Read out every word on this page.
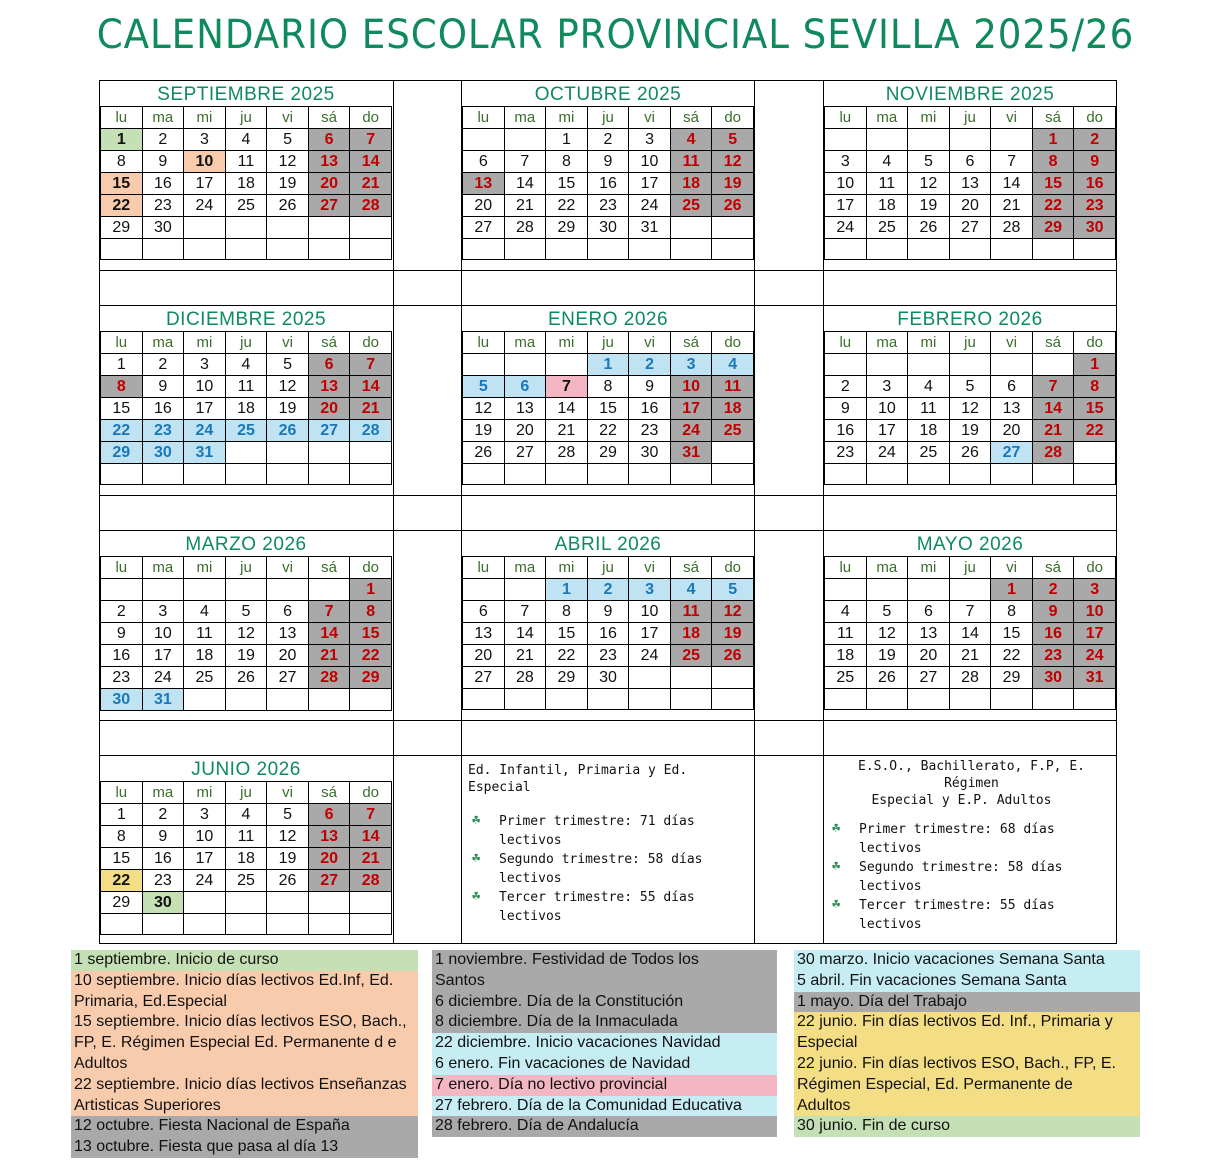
CALENDARIO ESCOLAR PROVINCIAL SEVILLA 2025/26
SEPTIEMBRE 2025
lu	ma	mi	ju	vi	sá	do
1	2	3	4	5	6	7
8	9	10	11	12	13	14
15	16	17	18	19	20	21
22	23	24	25	26	27	28
29	30					

OCTUBRE 2025
lu	ma	mi	ju	vi	sá	do
		1	2	3	4	5
6	7	8	9	10	11	12
13	14	15	16	17	18	19
20	21	22	23	24	25	26
27	28	29	30	31		

NOVIEMBRE 2025
lu	ma	mi	ju	vi	sá	do
					1	2
3	4	5	6	7	8	9
10	11	12	13	14	15	16
17	18	19	20	21	22	23
24	25	26	27	28	29	30

DICIEMBRE 2025
lu	ma	mi	ju	vi	sá	do
1	2	3	4	5	6	7
8	9	10	11	12	13	14
15	16	17	18	19	20	21
22	23	24	25	26	27	28
29	30	31				

ENERO 2026
lu	ma	mi	ju	vi	sá	do
			1	2	3	4
5	6	7	8	9	10	11
12	13	14	15	16	17	18
19	20	21	22	23	24	25
26	27	28	29	30	31	

FEBRERO 2026
lu	ma	mi	ju	vi	sá	do
						1
2	3	4	5	6	7	8
9	10	11	12	13	14	15
16	17	18	19	20	21	22
23	24	25	26	27	28	

MARZO 2026
lu	ma	mi	ju	vi	sá	do
						1
2	3	4	5	6	7	8
9	10	11	12	13	14	15
16	17	18	19	20	21	22
23	24	25	26	27	28	29
30	31					
ABRIL 2026
lu	ma	mi	ju	vi	sá	do
		1	2	3	4	5
6	7	8	9	10	11	12
13	14	15	16	17	18	19
20	21	22	23	24	25	26
27	28	29	30			

MAYO 2026
lu	ma	mi	ju	vi	sá	do
				1	2	3
4	5	6	7	8	9	10
11	12	13	14	15	16	17
18	19	20	21	22	23	24
25	26	27	28	29	30	31

JUNIO 2026
lu	ma	mi	ju	vi	sá	do
1	2	3	4	5	6	7
8	9	10	11	12	13	14
15	16	17	18	19	20	21
22	23	24	25	26	27	28
29	30					

Ed. Infantil, Primaria y Ed. Especial
☘ Primer trimestre: 71 días
lectivos
☘ Segundo trimestre: 58 días
lectivos
☘ Tercer trimestre: 55 días
lectivos
E.S.O., Bachillerato, F.P, E. Régimen
Especial y E.P. Adultos
☘ Primer trimestre: 68 días
lectivos
☘ Segundo trimestre: 58 días
lectivos
☘ Tercer trimestre: 55 días
lectivos
1 septiembre. Inicio de curso
10 septiembre. Inicio días lectivos Ed.Inf, Ed.
Primaria, Ed.Especial
15 septiembre. Inicio días lectivos ESO, Bach.,
FP, E. Régimen Especial Ed. Permanente d e
Adultos
22 septiembre. Inicio días lectivos Enseñanzas
Artisticas Superiores
12 octubre. Fiesta Nacional de España
13 octubre. Fiesta que pasa al día 13
1 noviembre. Festividad de Todos los
Santos
6 diciembre. Día de la Constitución
8 diciembre. Día de la Inmaculada
22 diciembre. Inicio vacaciones Navidad
6 enero. Fin vacaciones de Navidad
7 enero. Día no lectivo provincial
27 febrero. Día de la Comunidad Educativa
28 febrero. Día de Andalucía
30 marzo. Inicio vacaciones Semana Santa
5 abril. Fin vacaciones Semana Santa
1 mayo. Día del Trabajo
22 junio. Fin días lectivos Ed. Inf., Primaria y
Especial
22 junio. Fin días lectivos ESO, Bach., FP, E.
Régimen Especial, Ed. Permanente de
Adultos
30 junio. Fin de curso
